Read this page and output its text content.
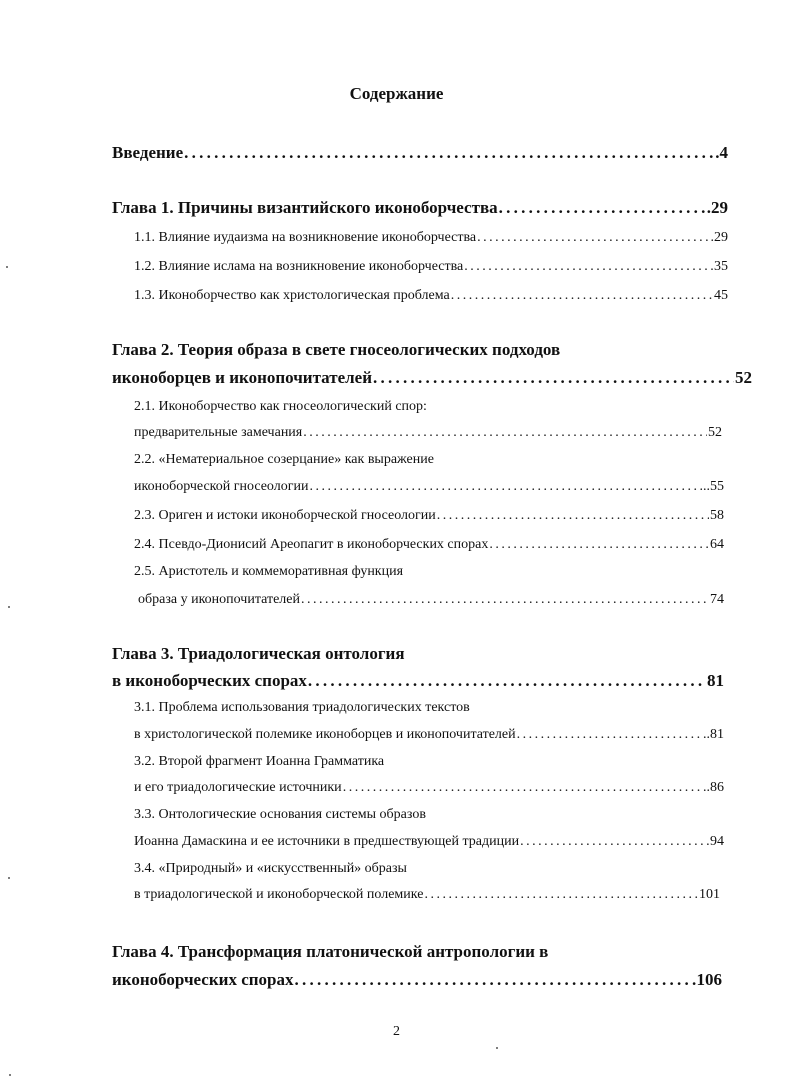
Содержание
Введение . . .	.4
Глава 1. Причины византийского иконоборчества . . .	.29
1.1. Влияние иудаизма на возникновение иконоборчества . . .	.29
1.2. Влияние ислама на возникновение иконоборчества . . .	35
1.3. Иконоборчество как христологическая проблема . . .	45
Глава 2. Теория образа в свете гносеологических подходов
иконоборцев и иконопочитателей . . .	52
2.1. Иконоборчество как гносеологический спор:
предварительные замечания . . .	52
2.2. «Нематериальное созерцание» как выражение
иконоборческой гносеологии . . .	..55
2.3. Ориген и истоки иконоборческой гносеологии . . .	58
2.4. Псевдо-Дионисий Ареопагит в иконоборческих спорах . . .	64
2.5. Аристотель и коммеморативная функция
образа у иконопочитателей . . .	74
Глава 3. Триадологическая онтология
в иконоборческих спорах . . .	81
3.1. Проблема использования триадологических текстов
в христологической полемике иконоборцев и иконопочитателей . . .	..81
3.2. Второй фрагмент Иоанна Грамматика
и его триадологические источники . . .	..86
3.3. Онтологические основания системы образов
Иоанна Дамаскина и ее источники в предшествующей традиции . . .	94
3.4. «Природный» и «искусственный» образы
в триадологической и иконоборческой полемике . . .	101
Глава 4. Трансформация платонической антропологии в
иконоборческих спорах . . .	106
2
